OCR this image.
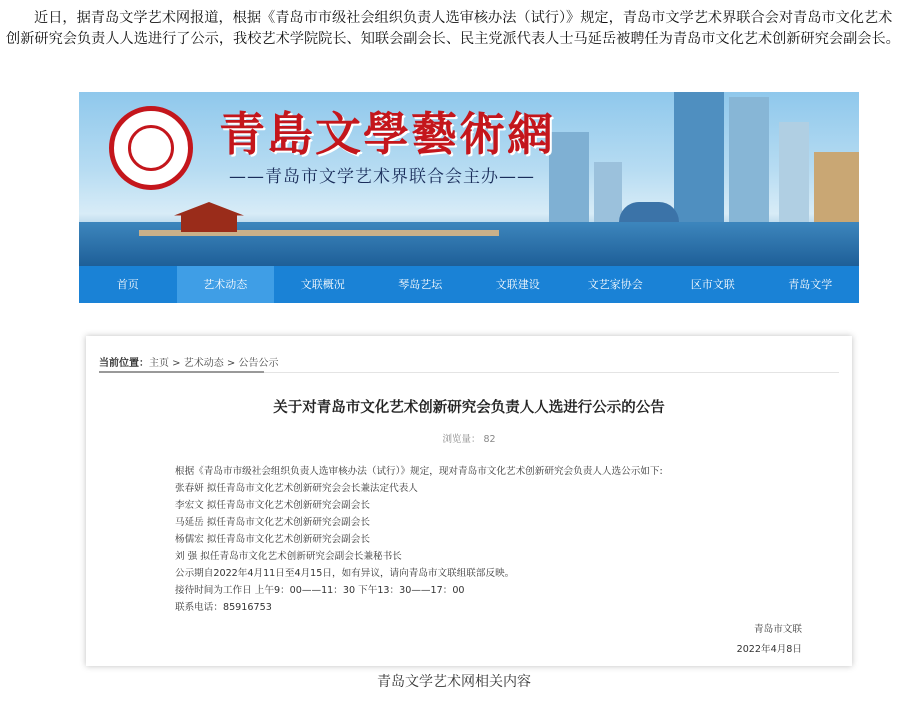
近日，据青岛文学艺术网报道，根据《青岛市市级社会组织负责人选审核办法（试行）》规定，青岛市文学艺术界联合会对青岛市文化艺术创新研究会负责人人选进行了公示，我校艺术学院院长、知联会副会长、民主党派代表人士马延岳被聘任为青岛市文化艺术创新研究会副会长。

青島文學藝術網

——青岛市文学艺术界联合会主办——

首页	艺术动态	文联概况	琴岛艺坛	文联建设	文艺家协会	区市文联	青岛文学
当前位置：主页 > 艺术动态 > 公告公示
关于对青岛市文化艺术创新研究会负责人人选进行公示的公告
浏览量： 82

根据《青岛市市级社会组织负责人选审核办法（试行）》规定，现对青岛市文化艺术创新研究会负责人人选公示如下:

张春妍 拟任青岛市文化艺术创新研究会会长兼法定代表人

李宏文 拟任青岛市文化艺术创新研究会副会长

马延岳 拟任青岛市文化艺术创新研究会副会长

杨儒宏 拟任青岛市文化艺术创新研究会副会长

刘 强 拟任青岛市文化艺术创新研究会副会长兼秘书长

公示期自2022年4月11日至4月15日，如有异议，请向青岛市文联组联部反映。

接待时间为工作日 上午9：00——11：30 下午13：30——17：00

联系电话：85916753

青岛市文联
2022年4月8日
青岛文学艺术网相关内容
